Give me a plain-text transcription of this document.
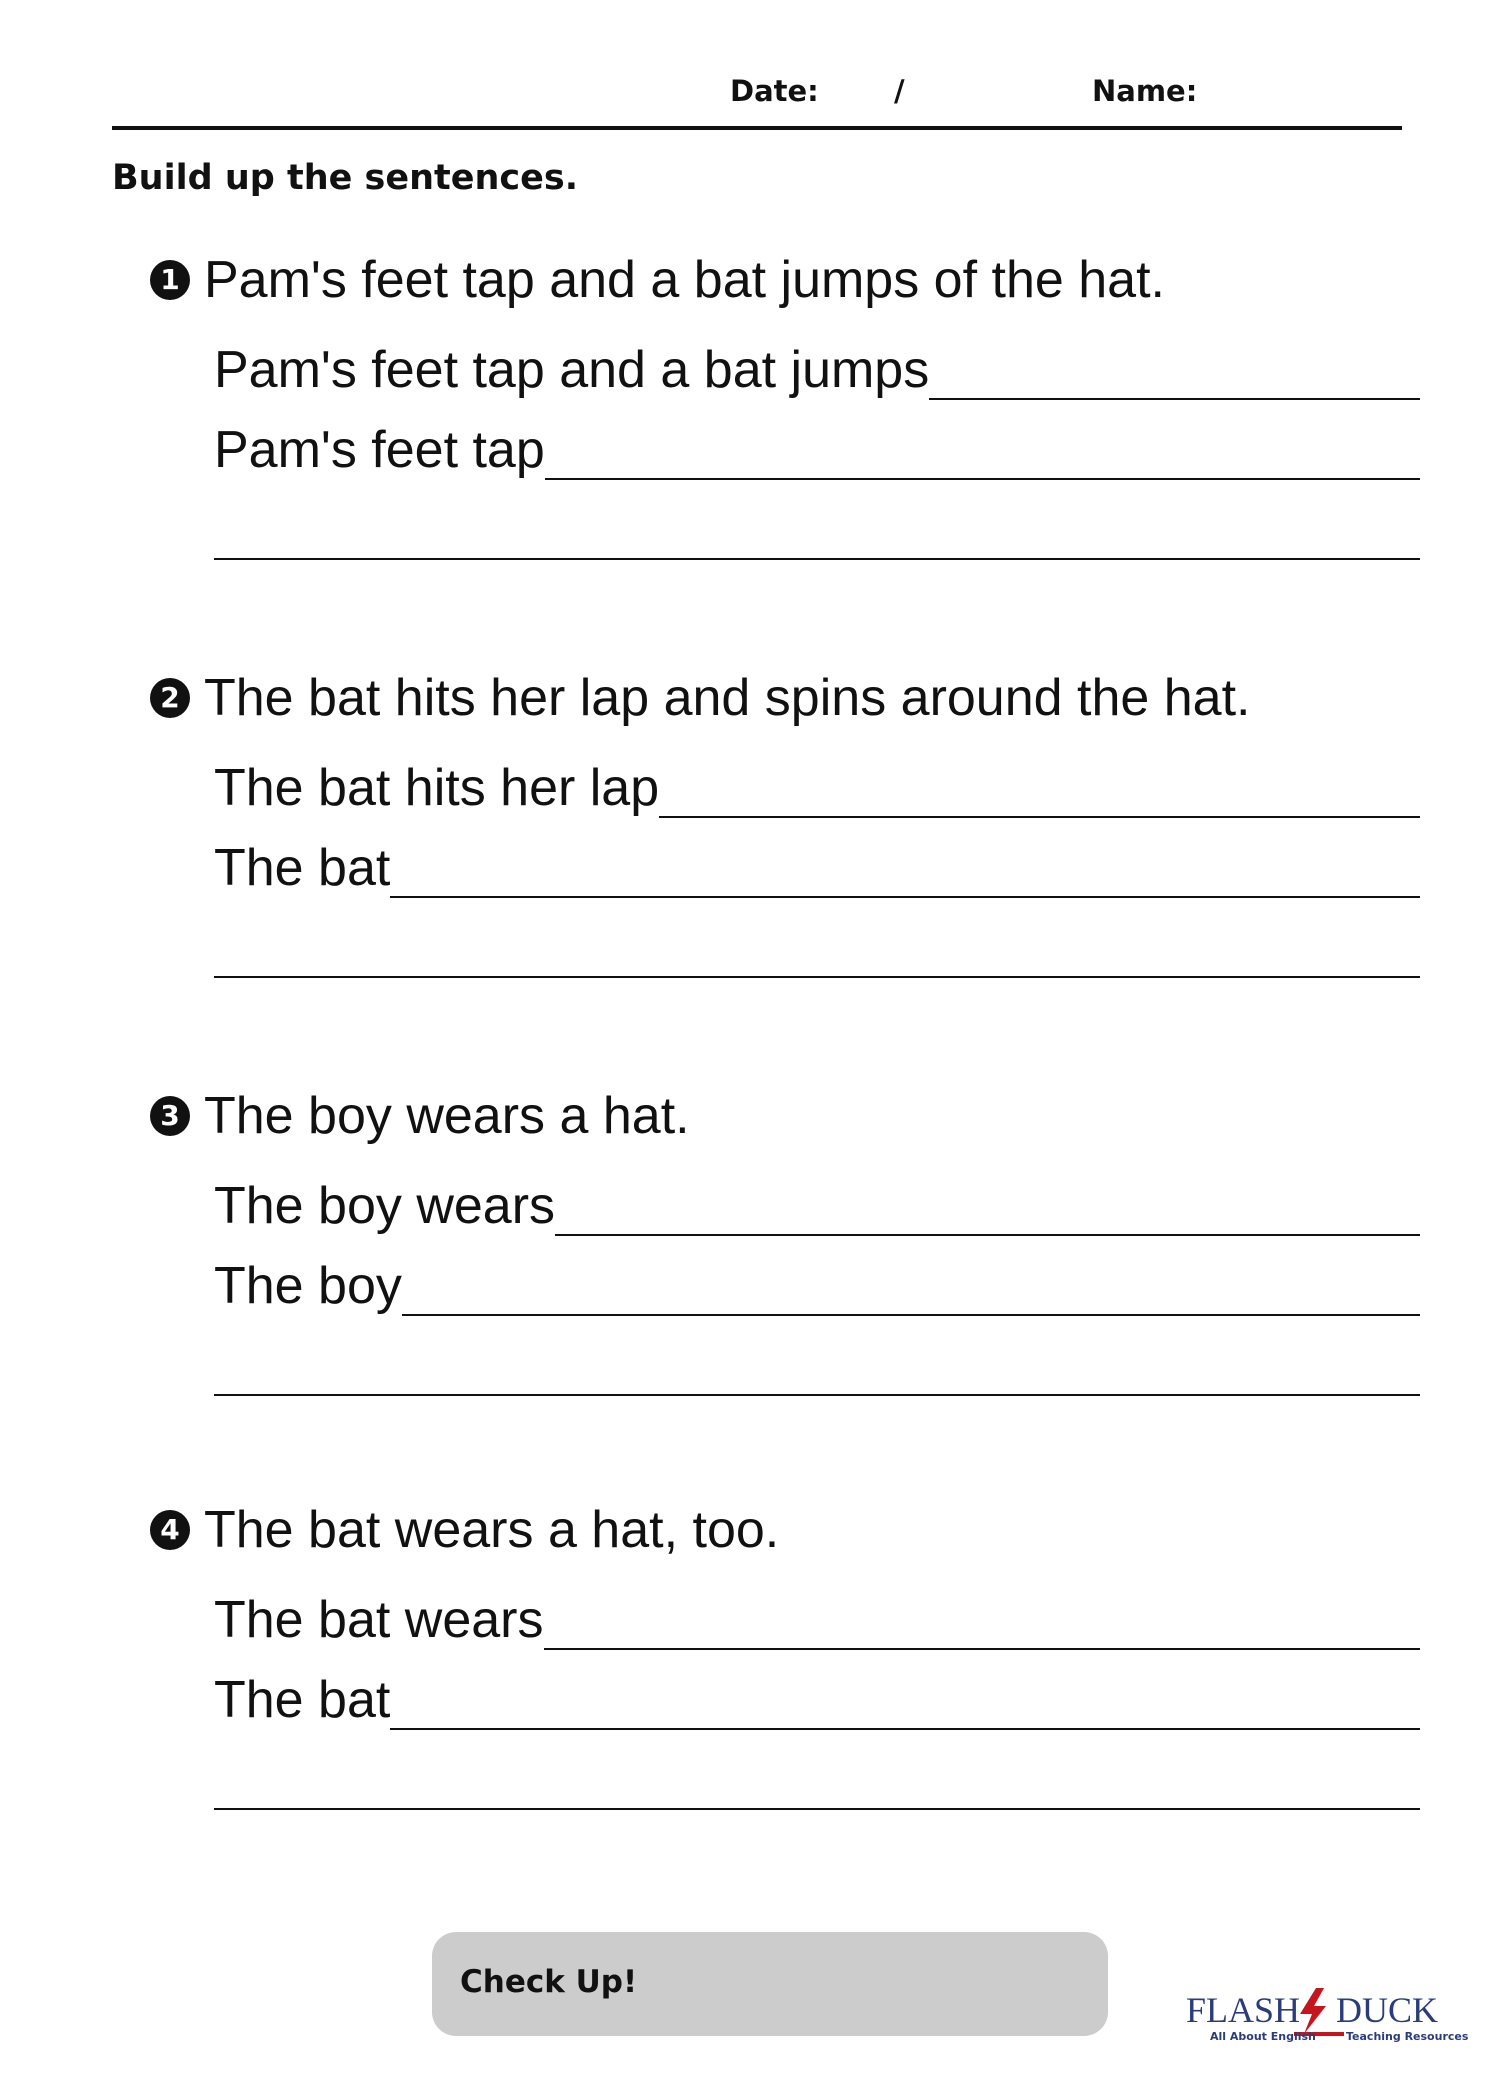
Date:	/	Name:
Build up the sentences.
1 Pam's feet tap and a bat jumps of the hat.
Pam's feet tap and a bat jumps
Pam's feet tap
2 The bat hits her lap and spins around the hat.
The bat hits her lap
The bat
3 The boy wears a hat.
The boy wears
The boy
4 The bat wears a hat, too.
The bat wears
The bat
Check Up!
FLASH DUCK
All About English	Teaching Resources
